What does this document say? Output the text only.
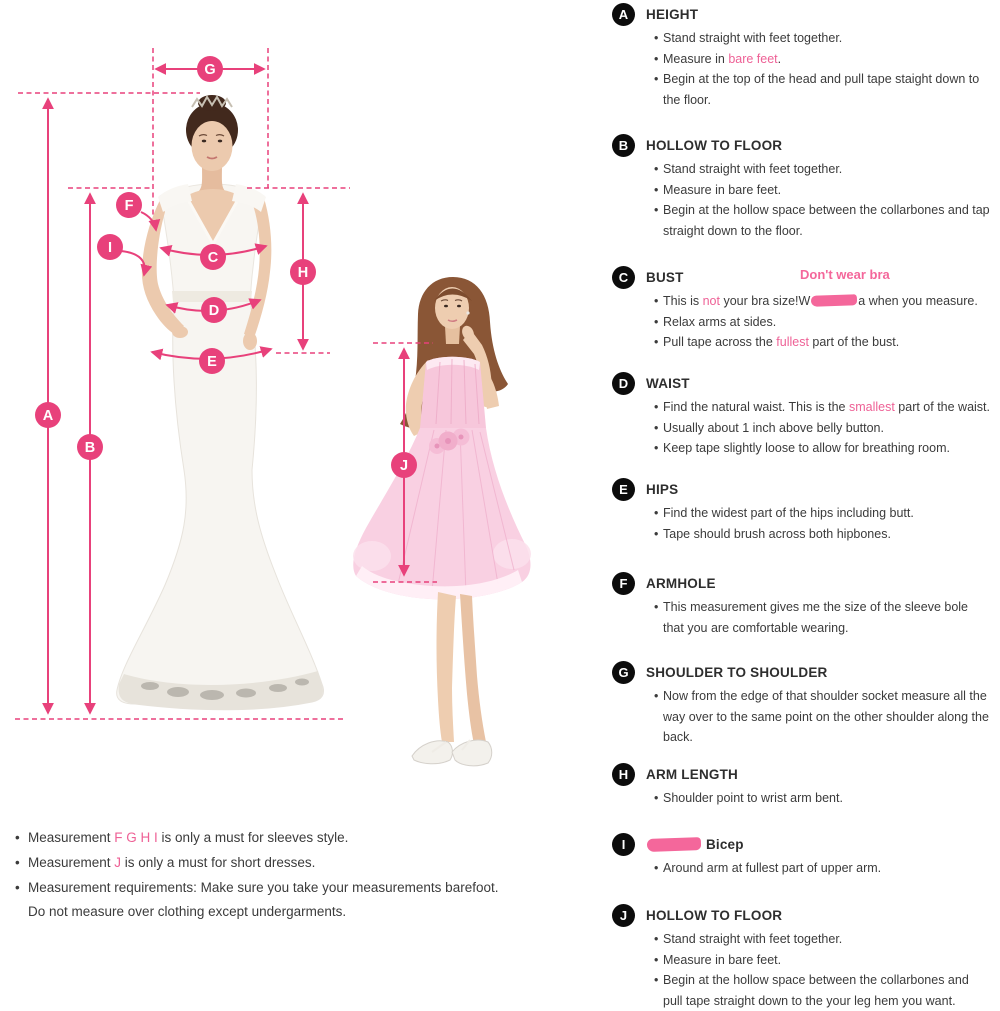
A
B
C
D
E
F
G
H
I
J
A	HEIGHT
• Stand straight with feet together.
• Measure in bare feet.
• Begin at the top of the head and pull tape staight down to the floor.
B	HOLLOW TO FLOOR
• Stand straight with feet together.
• Measure in bare feet.
• Begin at the hollow space between the collarbones and tap straight down to the floor.
C	BUST	Don't wear bra
• This is not your bra size!W	a when you measure.
• Relax arms at sides.
• Pull tape across the fullest part of the bust.
D	WAIST
• Find the natural waist. This is the smallest part of the waist.
• Usually about 1 inch above belly button.
• Keep tape slightly loose to allow for breathing room.
E	HIPS
• Find the widest part of the hips including butt.
• Tape should brush across both hipbones.
F	ARMHOLE
• This measurement gives me the size of the sleeve bole that you are comfortable wearing.
G	SHOULDER TO SHOULDER
• Now from the edge of that shoulder socket measure all the way over to the same point on the other shoulder along the back.
H	ARM LENGTH
• Shoulder point to wrist arm bent.
I	Bicep
• Around arm at fullest part of upper arm.
J	HOLLOW TO FLOOR
• Stand straight with feet together.
• Measure in bare feet.
• Begin at the hollow space between the collarbones and pull tape straight down to the your leg hem you want.
• Measurement F G H I is only a must for sleeves style.
• Measurement J is only a must for short dresses.
• Measurement requirements: Make sure you take your measurements barefoot.
Do not measure over clothing except undergarments.
